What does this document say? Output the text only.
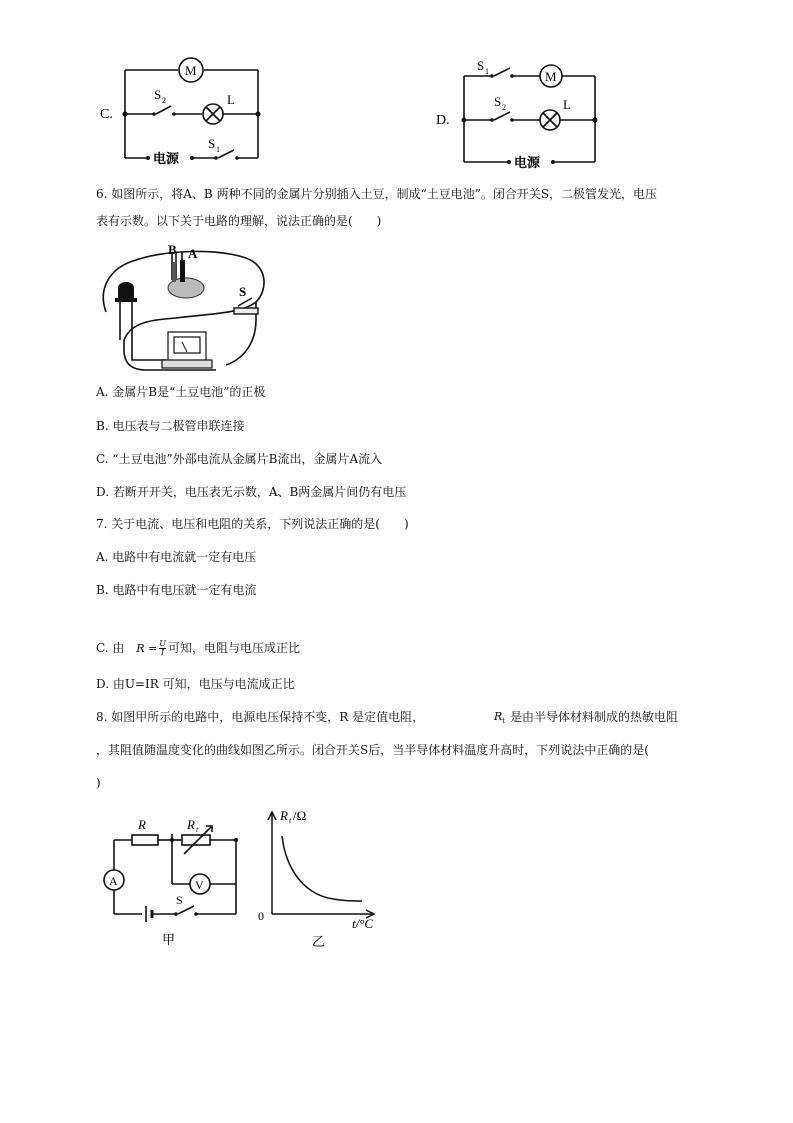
C.
M
S 2	L
S 1
电源
D.
S 1	M
S 2	L
电源
6. 如图所示，将A、B 两种不同的金属片分别插入土豆，制成“土豆电池”。闭合开关S，二极管发光，电压
表有示数。以下关于电路的理解，说法正确的是(　　)
B A
S
A. 金属片B是“土豆电池”的正极
B. 电压表与二极管串联连接
C. “土豆电池”外部电流从金属片B流出，金属片A流入
D. 若断开开关，电压表无示数，A、B两金属片间仍有电压
7. 关于电流、电压和电阻的关系，下列说法正确的是(　　)
A. 电路中有电流就一定有电压
B. 电路中有电压就一定有电流
C. 由 $R = \frac{U}{I}$ 可知，电阻与电压成正比
D. 由U=IR 可知，电压与电流成正比
8. 如图甲所示的电路中，电源电压保持不变，R 是定值电阻，	$R_t$ 是由半导体材料制成的热敏电阻
，其阻值随温度变化的曲线如图乙所示。闭合开关S后，当半导体材料温度升高时，下列说法中正确的是(
)
R	R t
A	V
S
甲
R t /Ω
0	t/°C
乙
